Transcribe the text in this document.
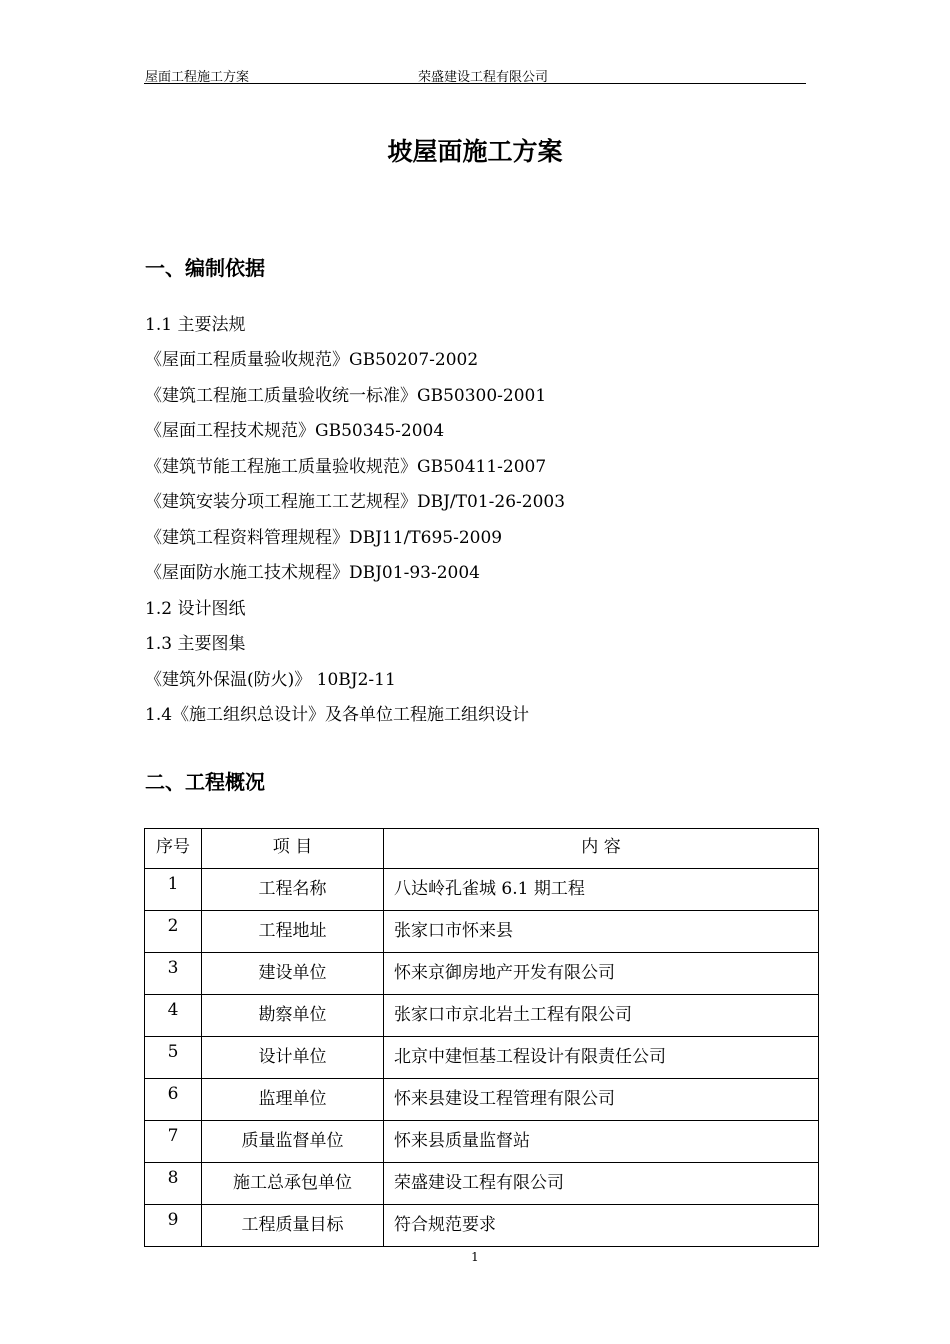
屋面工程施工方案	荣盛建设工程有限公司
坡屋面施工方案
一、编制依据
1.1 主要法规
《屋面工程质量验收规范》GB50207-2002
《建筑工程施工质量验收统一标准》GB50300-2001
《屋面工程技术规范》GB50345-2004
《建筑节能工程施工质量验收规范》GB50411-2007
《建筑安装分项工程施工工艺规程》DBJ/T01-26-2003
《建筑工程资料管理规程》DBJ11/T695-2009
《屋面防水施工技术规程》DBJ01-93-2004
1.2 设计图纸
1.3 主要图集
《建筑外保温(防火)》 10BJ2-11
1.4《施工组织总设计》及各单位工程施工组织设计
二、工程概况
序号	项 目	内 容
1	工程名称	八达岭孔雀城 6.1 期工程
2	工程地址	张家口市怀来县
3	建设单位	怀来京御房地产开发有限公司
4	勘察单位	张家口市京北岩土工程有限公司
5	设计单位	北京中建恒基工程设计有限责任公司
6	监理单位	怀来县建设工程管理有限公司
7	质量监督单位	怀来县质量监督站
8	施工总承包单位	荣盛建设工程有限公司
9	工程质量目标	符合规范要求
1
